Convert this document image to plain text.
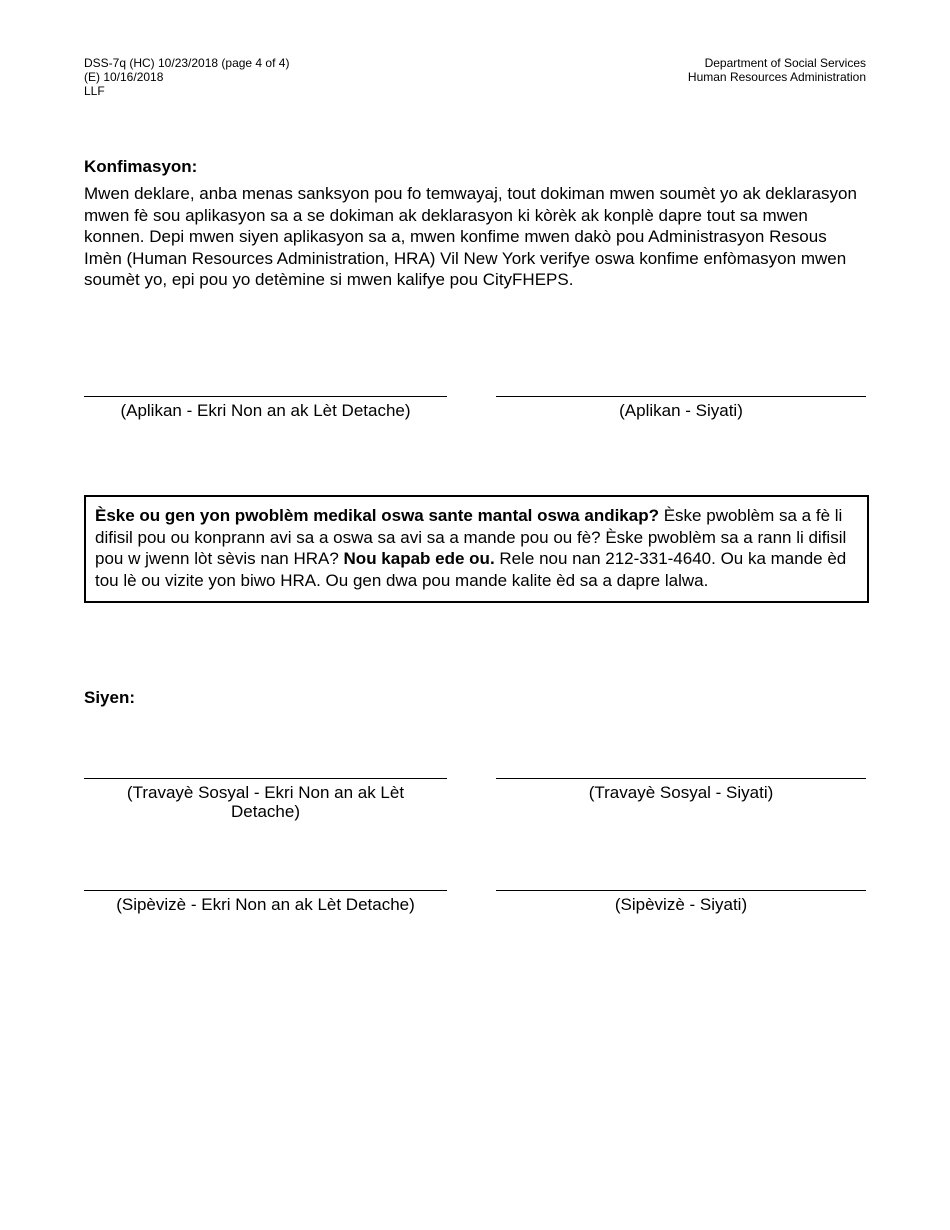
DSS-7q (HC) 10/23/2018 (page 4 of 4)
(E) 10/16/2018
LLF
Department of Social Services
Human Resources Administration
Konfimasyon:
Mwen deklare, anba menas sanksyon pou fo temwayaj, tout dokiman mwen soumèt yo ak deklarasyon mwen fè sou aplikasyon sa a se dokiman ak deklarasyon ki kòrèk ak konplè dapre tout sa mwen konnen. Depi mwen siyen aplikasyon sa a, mwen konfime mwen dakò pou Administrasyon Resous Imèn (Human Resources Administration, HRA) Vil New York verifye oswa konfime enfòmasyon mwen soumèt yo, epi pou yo detèmine si mwen kalifye pou CityFHEPS.
(Aplikan - Ekri Non an ak Lèt Detache)	(Aplikan - Siyati)
Èske ou gen yon pwoblèm medikal oswa sante mantal oswa andikap? Èske pwoblèm sa a fè li difisil pou ou konprann avi sa a oswa sa avi sa a mande pou ou fè? Èske pwoblèm sa a rann li difisil pou w jwenn lòt sèvis nan HRA? Nou kapab ede ou. Rele nou nan 212-331-4640. Ou ka mande èd tou lè ou vizite yon biwo HRA. Ou gen dwa pou mande kalite èd sa a dapre lalwa.
Siyen:
(Travayè Sosyal - Ekri Non an ak Lèt Detache)
(Travayè Sosyal - Siyati)
(Sipèvizè - Ekri Non an ak Lèt Detache)	(Sipèvizè - Siyati)
